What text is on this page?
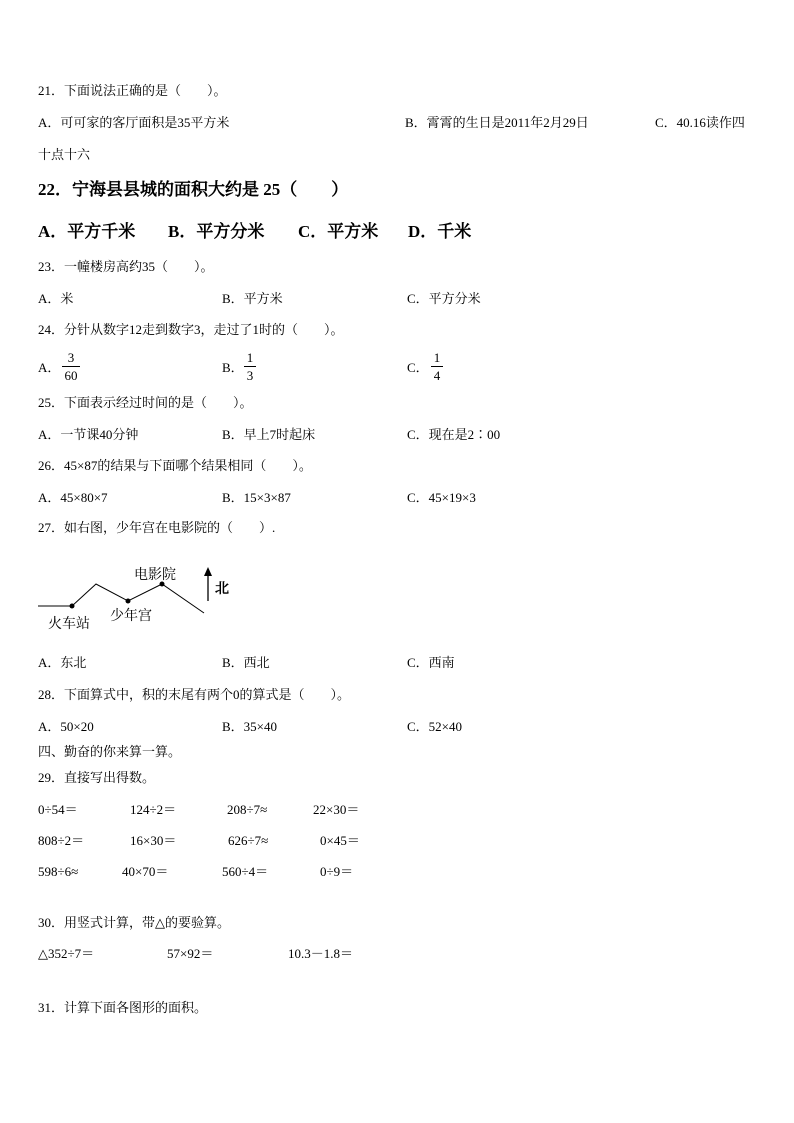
21．下面说法正确的是（　　）。
A．可可家的客厅面积是35平方米	B．霄霄的生日是2011年2月29日	C．40.16读作四
十点十六
22．宁海县县城的面积大约是 25（　　）
A．平方千米 B．平方分米 C．平方米 D．千米
23．一幢楼房高约35（　　）。
A．米	B．平方米	C．平方分米
24．分针从数字12走到数字3，走过了1时的（　　）。
A．
3
60
B．
1
3
C．
1
4
25．下面表示经过时间的是（　　）。
A．一节课40分钟	B．早上7时起床	C．现在是2∶00
26．45×87的结果与下面哪个结果相同（　　）。
A．45×80×7	B．15×3×87	C．45×19×3
27．如右图，少年宫在电影院的（　　）.
电影院
火车站 少年宫
北
A．东北	B．西北	C．西南
28．下面算式中，积的末尾有两个0的算式是（　　）。
A．50×20	B．35×40	C．52×40
四、勤奋的你来算一算。
29．直接写出得数。
0÷54＝	124÷2＝	208÷7≈	22×30＝
808÷2＝	16×30＝	626÷7≈	0×45＝
598÷6≈	40×70＝	560÷4＝	0÷9＝
30．用竖式计算，带△的要验算。
△352÷7＝	57×92＝	10.3－1.8＝
31．计算下面各图形的面积。
